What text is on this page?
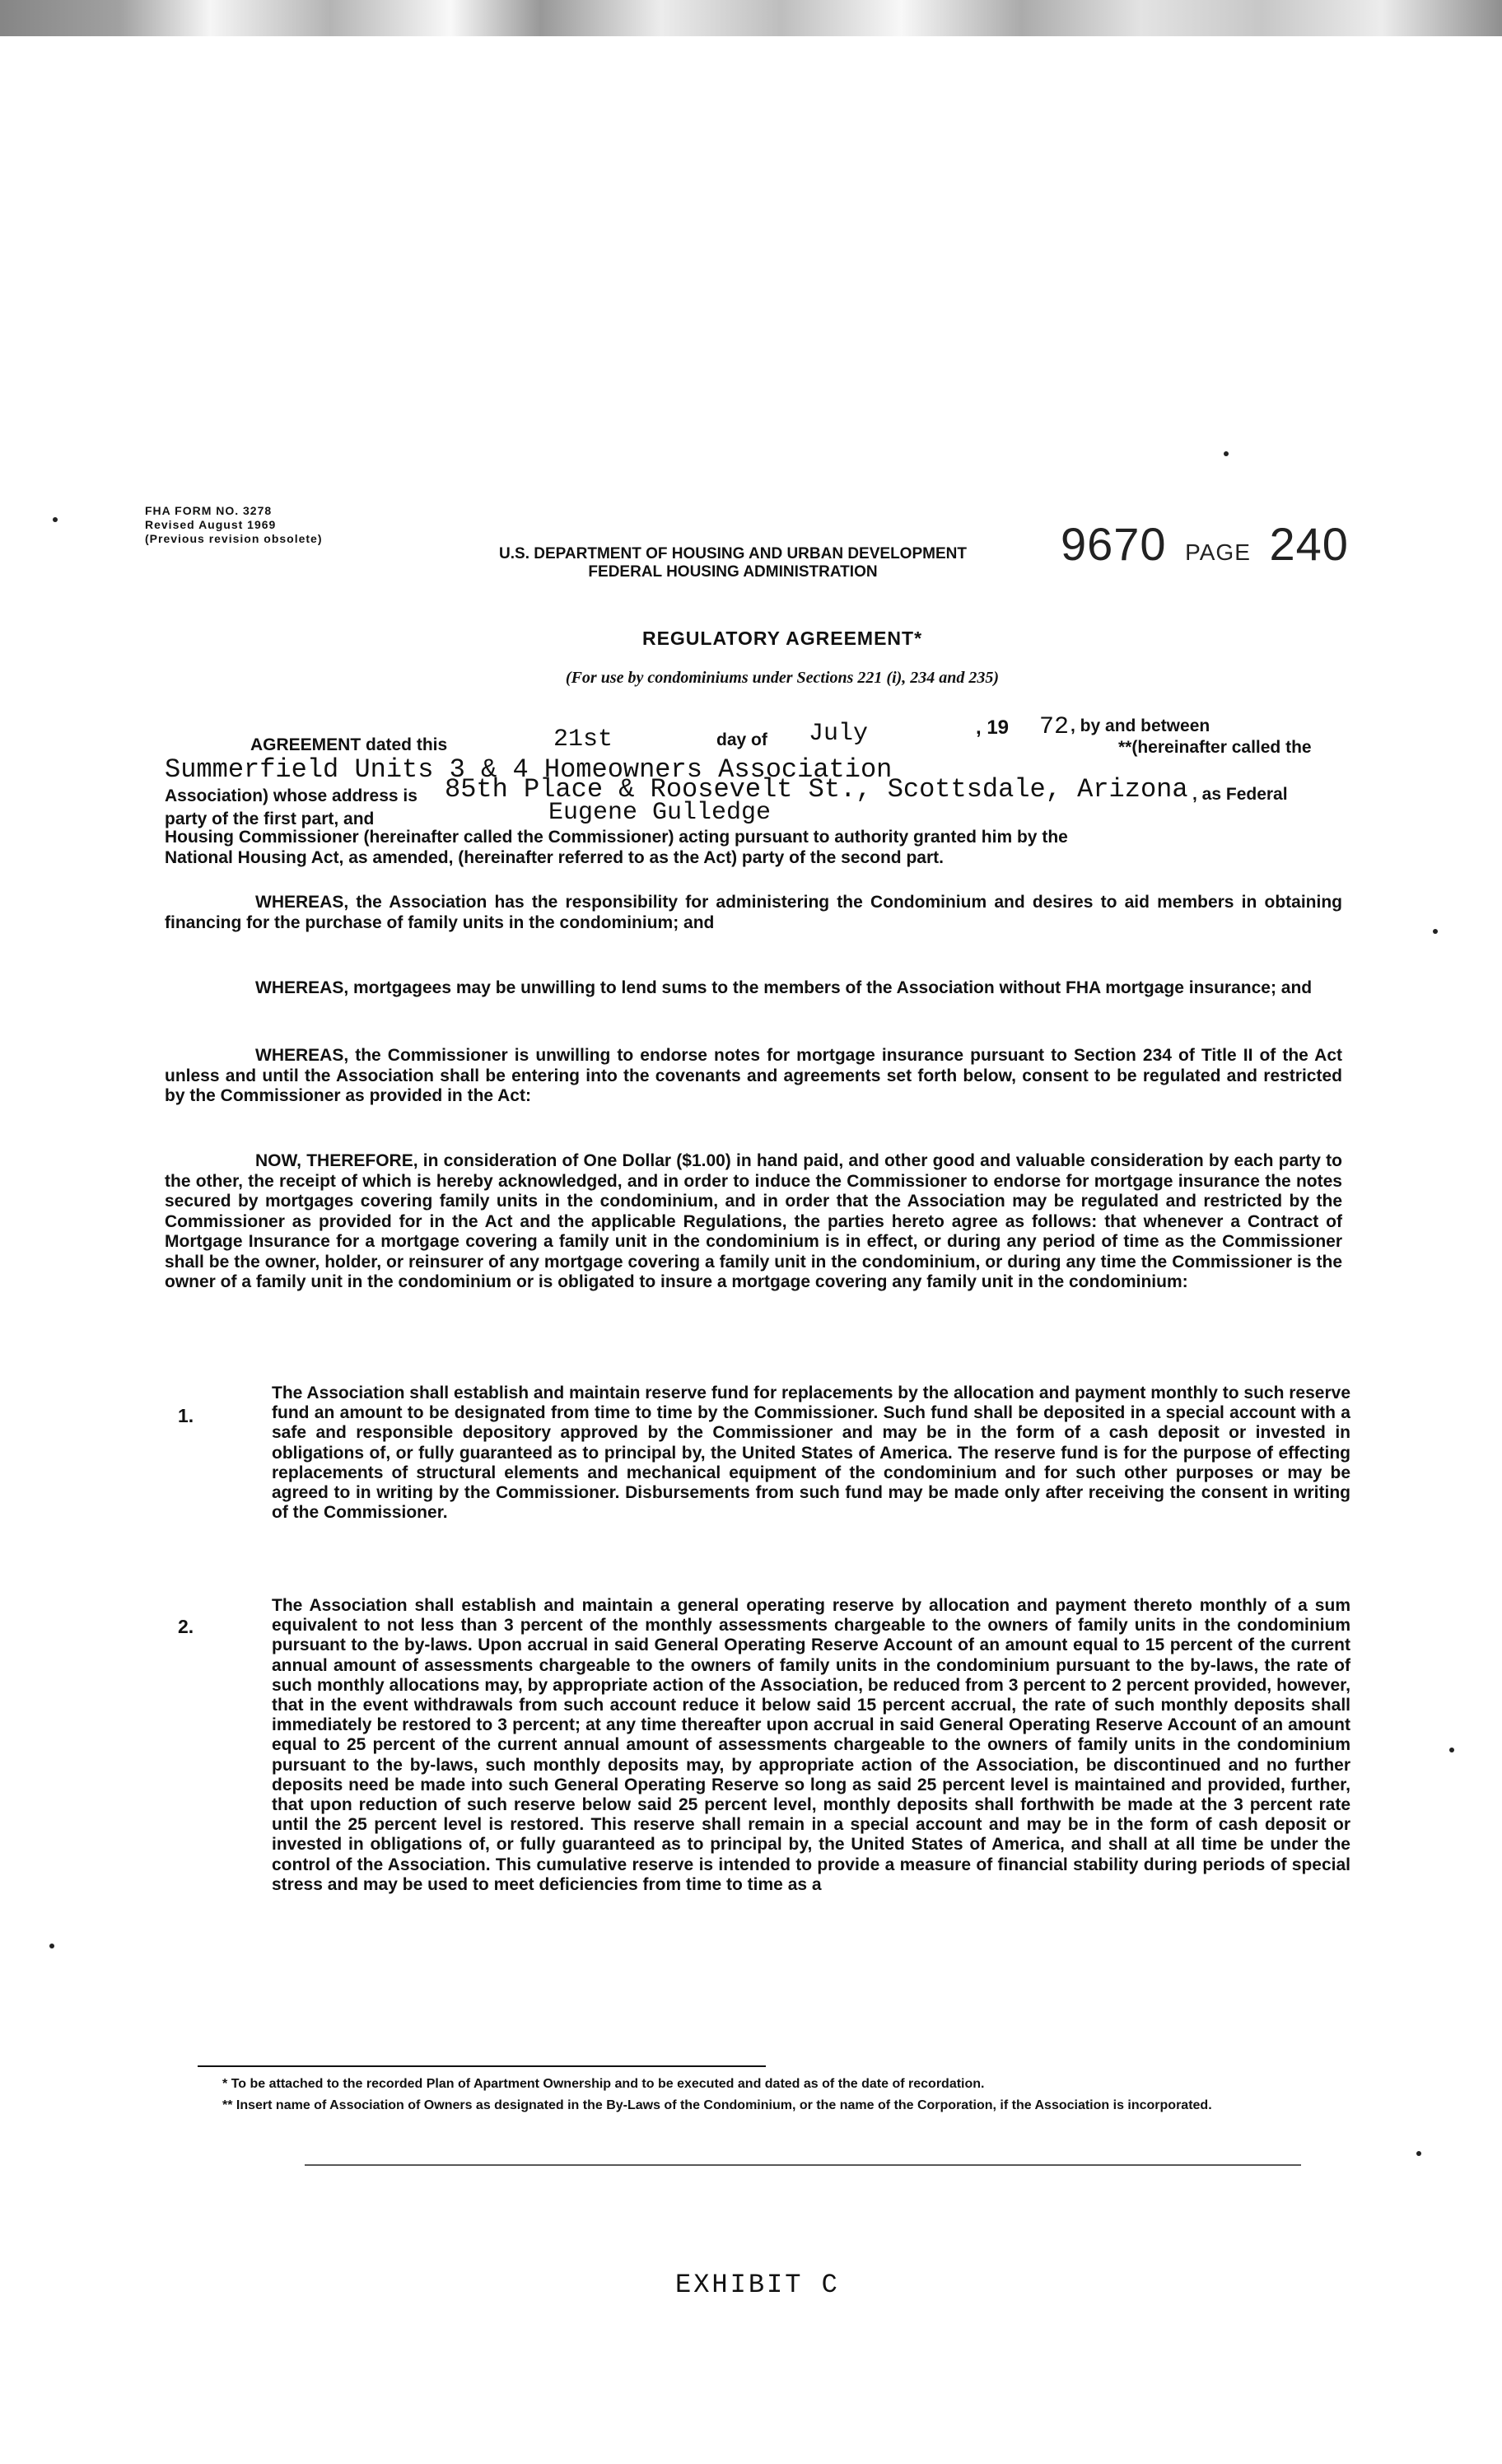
FHA FORM NO. 3278
Revised August 1969
(Previous revision obsolete)	9670 PAGE 240
U.S. DEPARTMENT OF HOUSING AND URBAN DEVELOPMENT
FEDERAL HOUSING ADMINISTRATION
REGULATORY AGREEMENT*
(For use by condominiums under Sections 221 (i), 234 and 235)
AGREEMENT dated this	21st	day of July	, 19 72 , by and between
Summerfield Units 3 & 4 Homeowners Association
**(hereinafter called the
Association) whose address is 85th Place & Roosevelt St., Scottsdale, Arizona , as Federal
party of the first part, and	Eugene Gulledge
Housing Commissioner (hereinafter called the Commissioner) acting pursuant to authority granted him by the
National Housing Act, as amended, (hereinafter referred to as the Act) party of the second part.
WHEREAS, the Association has the responsibility for administering the Condominium and desires to aid members in obtaining financing for the purchase of family units in the condominium; and
WHEREAS, mortgagees may be unwilling to lend sums to the members of the Association without FHA mortgage insurance; and
WHEREAS, the Commissioner is unwilling to endorse notes for mortgage insurance pursuant to Section 234 of Title II of the Act unless and until the Association shall be entering into the covenants and agreements set forth below, consent to be regulated and restricted by the Commissioner as provided in the Act:
NOW, THEREFORE, in consideration of One Dollar ($1.00) in hand paid, and other good and valuable consideration by each party to the other, the receipt of which is hereby acknowledged, and in order to induce the Commissioner to endorse for mortgage insurance the notes secured by mortgages covering family units in the condominium, and in order that the Association may be regulated and restricted by the Commissioner as provided for in the Act and the applicable Regulations, the parties hereto agree as follows: that whenever a Contract of Mortgage Insurance for a mortgage covering a family unit in the condominium is in effect, or during any period of time as the Commissioner shall be the owner, holder, or reinsurer of any mortgage covering a family unit in the condominium, or during any time the Commissioner is the owner of a family unit in the condominium or is obligated to insure a mortgage covering any family unit in the condominium:
1.
The Association shall establish and maintain reserve fund for replacements by the allocation and payment monthly to such reserve fund an amount to be designated from time to time by the Commissioner. Such fund shall be deposited in a special account with a safe and responsible depository approved by the Commissioner and may be in the form of a cash deposit or invested in obligations of, or fully guaranteed as to principal by, the United States of America. The reserve fund is for the purpose of effecting replacements of structural elements and mechanical equipment of the condominium and for such other purposes or may be agreed to in writing by the Commissioner. Disbursements from such fund may be made only after receiving the consent in writing of the Commissioner.
2.
The Association shall establish and maintain a general operating reserve by allocation and payment thereto monthly of a sum equivalent to not less than 3 percent of the monthly assessments chargeable to the owners of family units in the condominium pursuant to the by-laws. Upon accrual in said General Operating Reserve Account of an amount equal to 15 percent of the current annual amount of assessments chargeable to the owners of family units in the condominium pursuant to the by-laws, the rate of such monthly allocations may, by appropriate action of the Association, be reduced from 3 percent to 2 percent provided, however, that in the event withdrawals from such account reduce it below said 15 percent accrual, the rate of such monthly deposits shall immediately be restored to 3 percent; at any time thereafter upon accrual in said General Operating Reserve Account of an amount equal to 25 percent of the current annual amount of assessments chargeable to the owners of family units in the condominium pursuant to the by-laws, such monthly deposits may, by appropriate action of the Association, be discontinued and no further deposits need be made into such General Operating Reserve so long as said 25 percent level is maintained and provided, further, that upon reduction of such reserve below said 25 percent level, monthly deposits shall forthwith be made at the 3 percent rate until the 25 percent level is restored. This reserve shall remain in a special account and may be in the form of cash deposit or invested in obligations of, or fully guaranteed as to principal by, the United States of America, and shall at all time be under the control of the Association. This cumulative reserve is intended to provide a measure of financial stability during periods of special stress and may be used to meet deficiencies from time to time as a
* To be attached to the recorded Plan of Apartment Ownership and to be executed and dated as of the date of recordation.
** Insert name of Association of Owners as designated in the By-Laws of the Condominium, or the name of the Corporation, if the Association is incorporated.
EXHIBIT C
